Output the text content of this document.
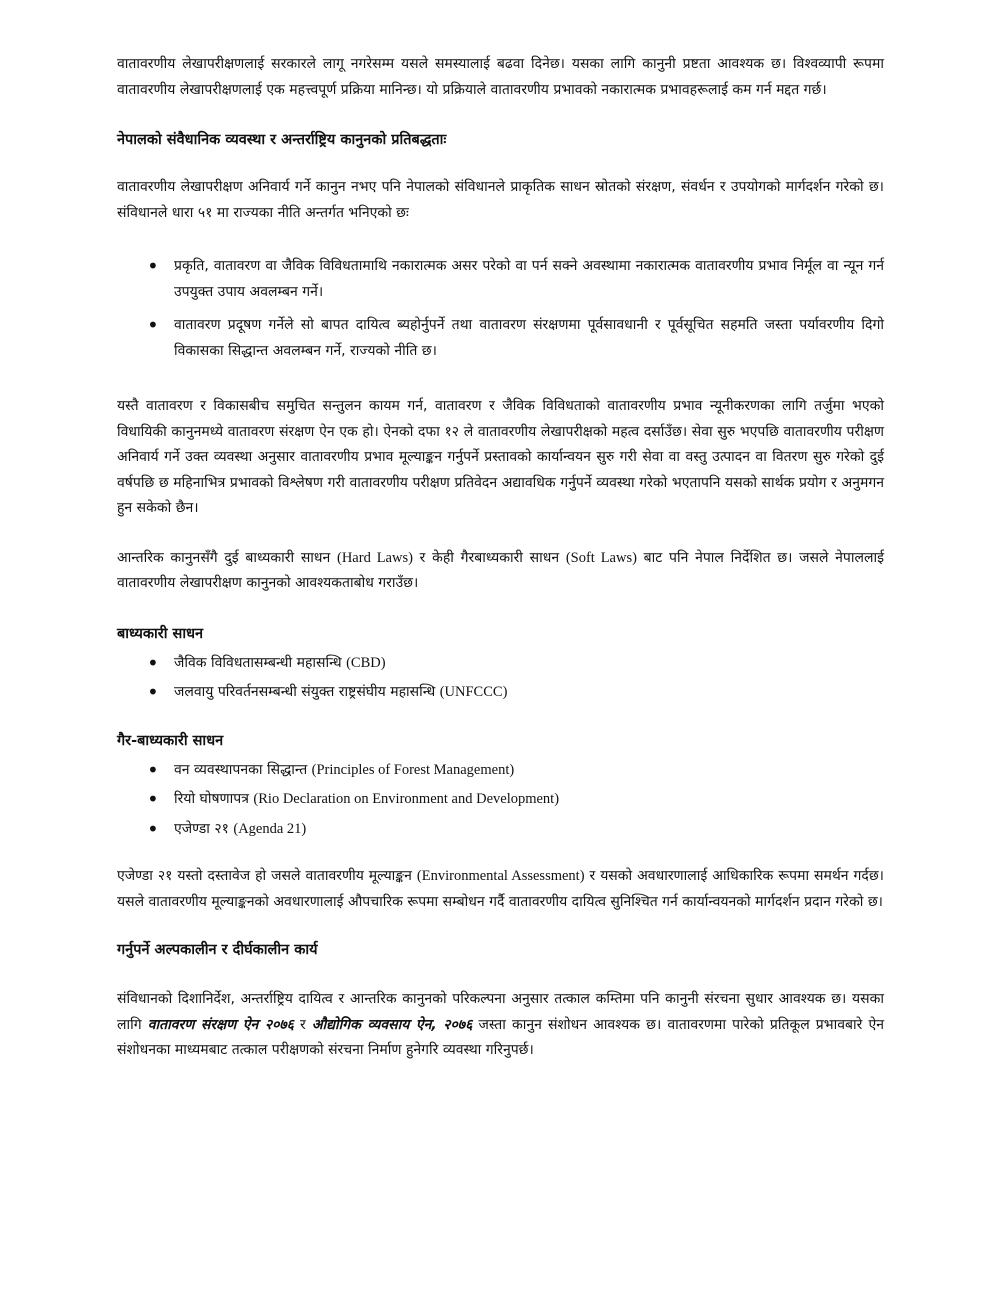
वातावरणीय लेखापरीक्षणलाई सरकारले लागू नगरेसम्म यसले समस्यालाई बढवा दिनेछ। यसका लागि कानुनी प्रष्टता आवश्यक छ। विश्वव्यापी रूपमा वातावरणीय लेखापरीक्षणलाई एक महत्त्वपूर्ण प्रक्रिया मानिन्छ। यो प्रक्रियाले वातावरणीय प्रभावको नकारात्मक प्रभावहरूलाई कम गर्न मद्दत गर्छ।

नेपालको संवैधानिक व्यवस्था र अन्तर्राष्ट्रिय कानुनको प्रतिबद्धताः

वातावरणीय लेखापरीक्षण अनिवार्य गर्ने कानुन नभए पनि नेपालको संविधानले प्राकृतिक साधन स्रोतको संरक्षण, संवर्धन र उपयोगको मार्गदर्शन गरेको छ। संविधानले धारा ५१ मा राज्यका नीति अन्तर्गत भनिएको छः

• प्रकृति, वातावरण वा जैविक विविधतामाथि नकारात्मक असर परेको वा पर्न सक्ने अवस्थामा नकारात्मक वातावरणीय प्रभाव निर्मूल वा न्यून गर्न उपयुक्त उपाय अवलम्बन गर्ने।
• वातावरण प्रदूषण गर्नेले सो बापत दायित्व ब्यहोर्नुपर्ने तथा वातावरण संरक्षणमा पूर्वसावधानी र पूर्वसूचित सहमति जस्ता पर्यावरणीय दिगो विकासका सिद्धान्त अवलम्बन गर्ने, राज्यको नीति छ।

यस्तै वातावरण र विकासबीच समुचित सन्तुलन कायम गर्न, वातावरण र जैविक विविधताको वातावरणीय प्रभाव न्यूनीकरणका लागि तर्जुमा भएको विधायिकी कानुनमध्ये वातावरण संरक्षण ऐन एक हो। ऐनको दफा १२ ले वातावरणीय लेखापरीक्षको महत्व दर्साउँछ। सेवा सुरु भएपछि वातावरणीय परीक्षण अनिवार्य गर्ने उक्त व्यवस्था अनुसार वातावरणीय प्रभाव मूल्याङ्कन गर्नुपर्ने प्रस्तावको कार्यान्वयन सुरु गरी सेवा वा वस्तु उत्पादन वा वितरण सुरु गरेको दुई वर्षपछि छ महिनाभित्र प्रभावको विश्लेषण गरी वातावरणीय परीक्षण प्रतिवेदन अद्यावधिक गर्नुपर्ने व्यवस्था गरेको भएतापनि यसको सार्थक प्रयोग र अनुमगन हुन सकेको छैन।

आन्तरिक कानुनसँगै दुई बाध्यकारी साधन (Hard Laws) र केही गैरबाध्यकारी साधन (Soft Laws) बाट पनि नेपाल निर्देशित छ। जसले नेपाललाई वातावरणीय लेखापरीक्षण कानुनको आवश्यकताबोध गराउँछ।

बाध्यकारी साधन
• जैविक विविधतासम्बन्धी महासन्धि (CBD)
• जलवायु परिवर्तनसम्बन्धी संयुक्त राष्ट्रसंघीय महासन्धि (UNFCCC)
गैर-बाध्यकारी साधन
• वन व्यवस्थापनका सिद्धान्त (Principles of Forest Management)
• रियो घोषणापत्र (Rio Declaration on Environment and Development)
• एजेण्डा २१ (Agenda 21)

एजेण्डा २१ यस्तो दस्तावेज हो जसले वातावरणीय मूल्याङ्कन (Environmental Assessment) र यसको अवधारणालाई आधिकारिक रूपमा समर्थन गर्दछ। यसले वातावरणीय मूल्याङ्कनको अवधारणालाई औपचारिक रूपमा सम्बोधन गर्दै वातावरणीय दायित्व सुनिश्चित गर्न कार्यान्वयनको मार्गदर्शन प्रदान गरेको छ।

गर्नुपर्ने अल्पकालीन र दीर्घकालीन कार्य

संविधानको दिशानिर्देश, अन्तर्राष्ट्रिय दायित्व र आन्तरिक कानुनको परिकल्पना अनुसार तत्काल कम्तिमा पनि कानुनी संरचना सुधार आवश्यक छ। यसका लागि वातावरण संरक्षण ऐन २०७६ र औद्योगिक व्यवसाय ऐन, २०७६ जस्ता कानुन संशोधन आवश्यक छ। वातावरणमा पारेको प्रतिकूल प्रभावबारे ऐन संशोधनका माध्यमबाट तत्काल परीक्षणको संरचना निर्माण हुनेगरि व्यवस्था गरिनुपर्छ।
